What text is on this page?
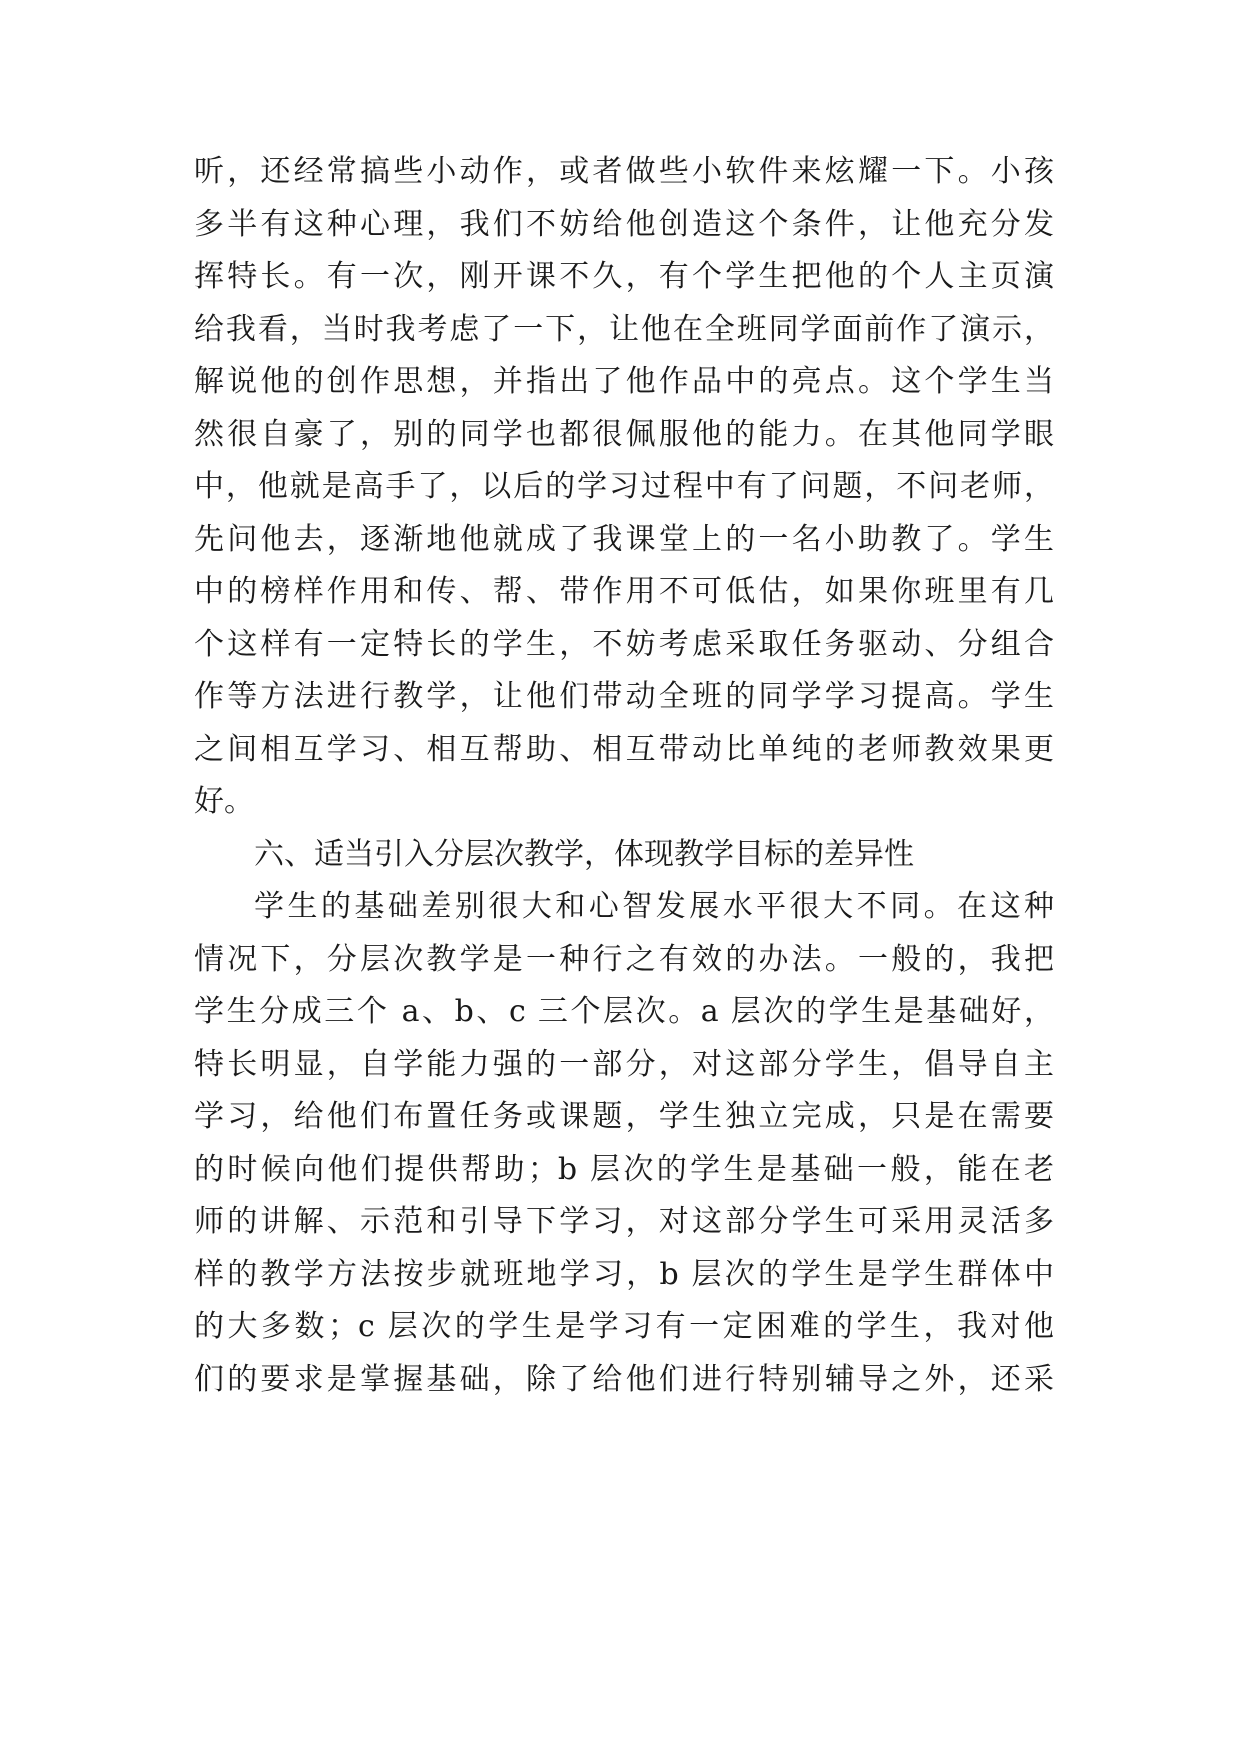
听，还经常搞些小动作，或者做些小软件来炫耀一下。小孩
多半有这种心理，我们不妨给他创造这个条件，让他充分发
挥特长。有一次，刚开课不久，有个学生把他的个人主页演
给我看，当时我考虑了一下，让他在全班同学面前作了演示，
解说他的创作思想，并指出了他作品中的亮点。这个学生当
然很自豪了，别的同学也都很佩服他的能力。在其他同学眼
中，他就是高手了，以后的学习过程中有了问题，不问老师，
先问他去，逐渐地他就成了我课堂上的一名小助教了。学生
中的榜样作用和传、帮、带作用不可低估，如果你班里有几
个这样有一定特长的学生，不妨考虑采取任务驱动、分组合
作等方法进行教学，让他们带动全班的同学学习提高。学生
之间相互学习、相互帮助、相互带动比单纯的老师教效果更
好。
六、适当引入分层次教学，体现教学目标的差异性
学生的基础差别很大和心智发展水平很大不同。在这种
情况下，分层次教学是一种行之有效的办法。一般的，我把
学生分成三个 a、b、c 三个层次。a 层次的学生是基础好，
特长明显，自学能力强的一部分，对这部分学生，倡导自主
学习，给他们布置任务或课题，学生独立完成，只是在需要
的时候向他们提供帮助；b 层次的学生是基础一般，能在老
师的讲解、示范和引导下学习，对这部分学生可采用灵活多
样的教学方法按步就班地学习，b 层次的学生是学生群体中
的大多数；c 层次的学生是学习有一定困难的学生，我对他
们的要求是掌握基础，除了给他们进行特别辅导之外，还采
